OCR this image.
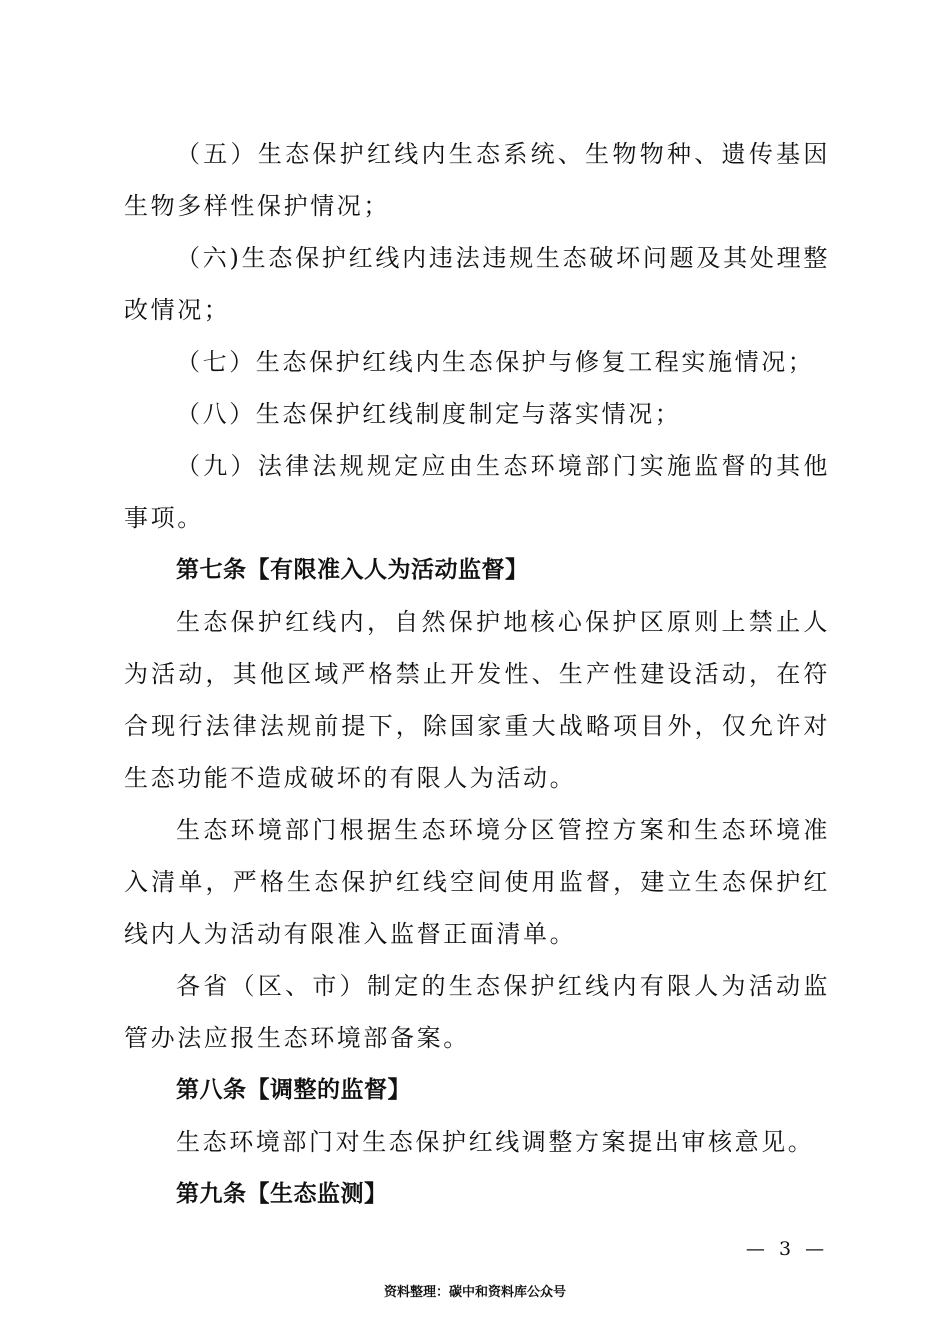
（五）生态保护红线内生态系统、生物物种、遗传基因生物多样性保护情况；

（六)生态保护红线内违法违规生态破坏问题及其处理整改情况；

（七）生态保护红线内生态保护与修复工程实施情况；

（八）生态保护红线制度制定与落实情况；

（九）法律法规规定应由生态环境部门实施监督的其他事项。

第七条【有限准入人为活动监督】

生态保护红线内，自然保护地核心保护区原则上禁止人为活动，其他区域严格禁止开发性、生产性建设活动，在符合现行法律法规前提下，除国家重大战略项目外，仅允许对生态功能不造成破坏的有限人为活动。

生态环境部门根据生态环境分区管控方案和生态环境准入清单，严格生态保护红线空间使用监督，建立生态保护红线内人为活动有限准入监督正面清单。

各省（区、市）制定的生态保护红线内有限人为活动监管办法应报生态环境部备案。

第八条【调整的监督】

生态环境部门对生态保护红线调整方案提出审核意见。

第九条【生态监测】

— 3 —
资料整理：碳中和资料库公众号
